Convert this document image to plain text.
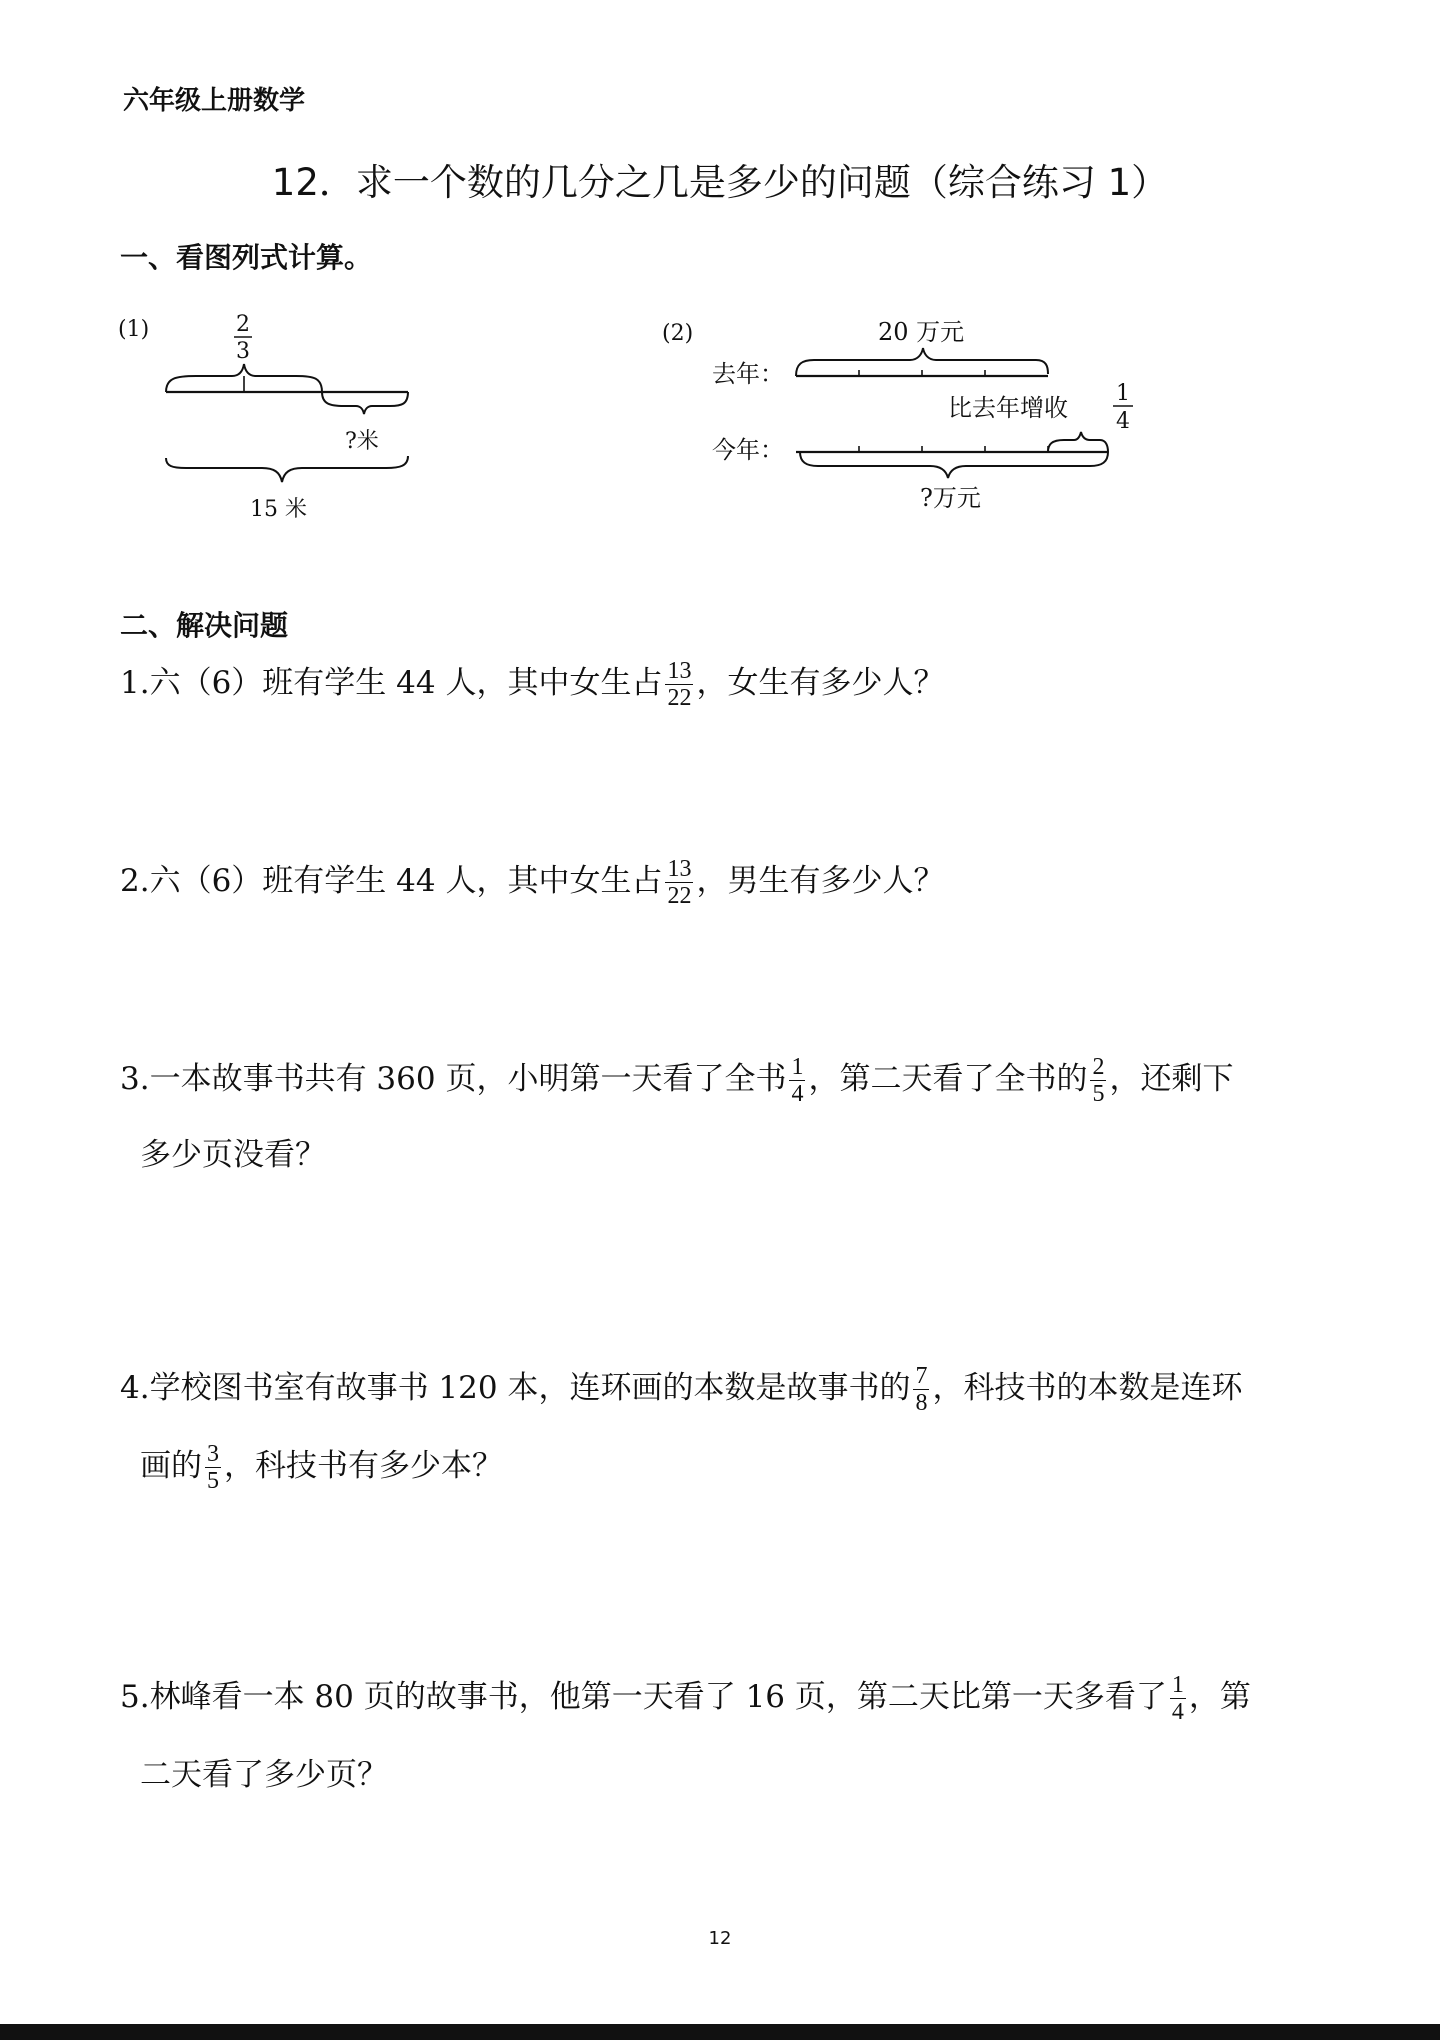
六年级上册数学
12．求一个数的几分之几是多少的问题（综合练习 1）
一、看图列式计算。
(1)	2
3
?米
15 米
(2)	20 万元
去年：
比去年增收
1
4
今年：
?万元
二、解决问题
1.六（6）班有学生 44 人，其中女生占 $\frac{13}{22}$ ，女生有多少人？
2.六（6）班有学生 44 人，其中女生占 $\frac{13}{22}$ ，男生有多少人？
3.一本故事书共有 360 页，小明第一天看了全书 $\frac{1}{4}$ ，第二天看了全书的 $\frac{2}{5}$ ，还剩下
多少页没看？
4.学校图书室有故事书 120 本，连环画的本数是故事书的 $\frac{7}{8}$ ，科技书的本数是连环
画的 $\frac{3}{5}$ ，科技书有多少本？
5.林峰看一本 80 页的故事书，他第一天看了 16 页，第二天比第一天多看了 $\frac{1}{4}$ ，第
二天看了多少页？
12
